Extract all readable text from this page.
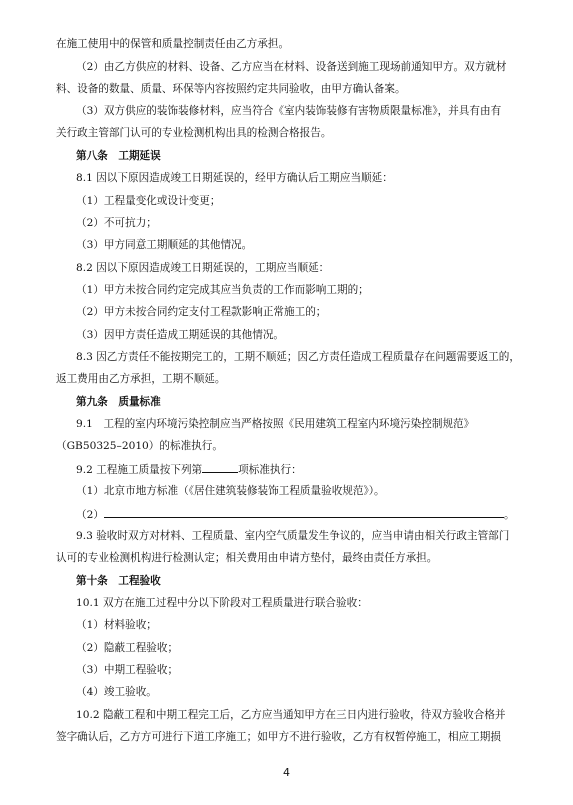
在施工使用中的保管和质量控制责任由乙方承担。
（2）由乙方供应的材料、设备、乙方应当在材料、设备送到施工现场前通知甲方。双方就材
料、设备的数量、质量、环保等内容按照约定共同验收，由甲方确认备案。
（3）双方供应的装饰装修材料，应当符合《室内装饰装修有害物质限量标准》，并具有由有
关行政主管部门认可的专业检测机构出具的检测合格报告。
第八条　工期延误
8.1 因以下原因造成竣工日期延误的，经甲方确认后工期应当顺延：
（1）工程量变化或设计变更；
（2）不可抗力；
（3）甲方同意工期顺延的其他情况。
8.2 因以下原因造成竣工日期延误的，工期应当顺延：
（1）甲方未按合同约定完成其应当负责的工作而影响工期的；
（2）甲方未按合同约定支付工程款影响正常施工的；
（3）因甲方责任造成工期延误的其他情况。
8.3 因乙方责任不能按期完工的，工期不顺延；因乙方责任造成工程质量存在问题需要返工的，
返工费用由乙方承担，工期不顺延。
第九条　质量标准
9.1　工程的室内环境污染控制应当严格按照《民用建筑工程室内环境污染控制规范》
（GB50325–2010）的标准执行。
9.2 工程施工质量按下列第	项标准执行：
（1）北京市地方标准（《居住建筑装修装饰工程质量验收规范》）。
（2）	。
9.3 验收时双方对材料、工程质量、室内空气质量发生争议的，应当申请由相关行政主管部门
认可的专业检测机构进行检测认定；相关费用由申请方垫付，最终由责任方承担。
第十条　工程验收
10.1 双方在施工过程中分以下阶段对工程质量进行联合验收：
（1）材料验收；
（2）隐蔽工程验收；
（3）中期工程验收；
（4）竣工验收。
10.2 隐蔽工程和中期工程完工后，乙方应当通知甲方在三日内进行验收，待双方验收合格并
签字确认后，乙方方可进行下道工序施工；如甲方不进行验收，乙方有权暂停施工，相应工期损
4
